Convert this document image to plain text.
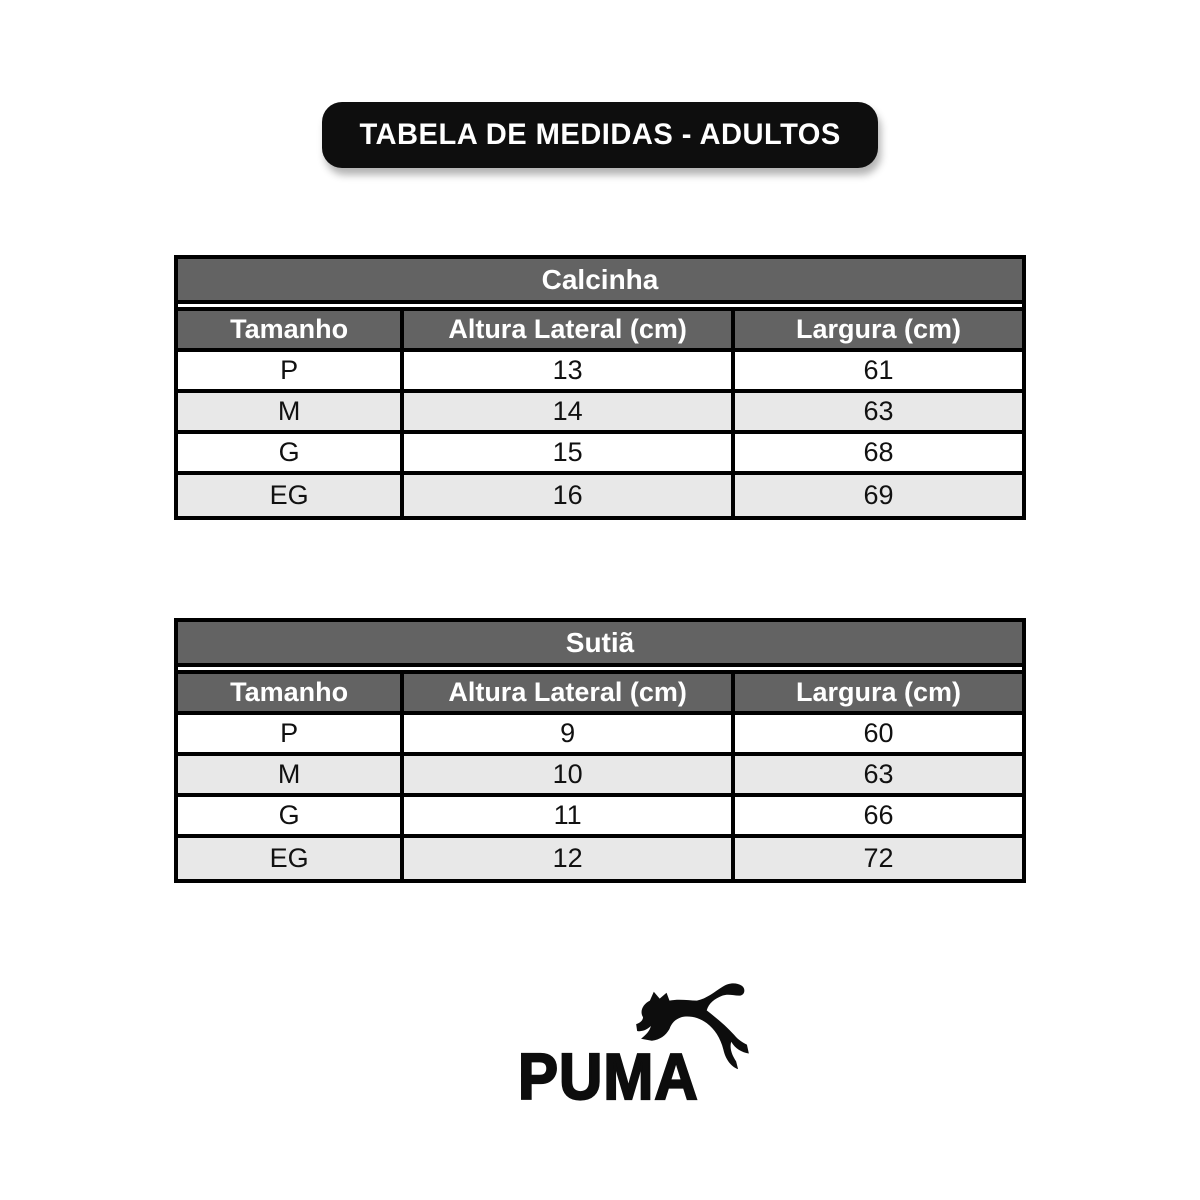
TABELA DE MEDIDAS - ADULTOS
Calcinha
Tamanho	Altura Lateral (cm)	Largura (cm)
P	13	61
M	14	63
G	15	68
EG	16	69
Sutiã
Tamanho	Altura Lateral (cm)	Largura (cm)
P	9	60
M	10	63
G	11	66
EG	12	72
PUMA
